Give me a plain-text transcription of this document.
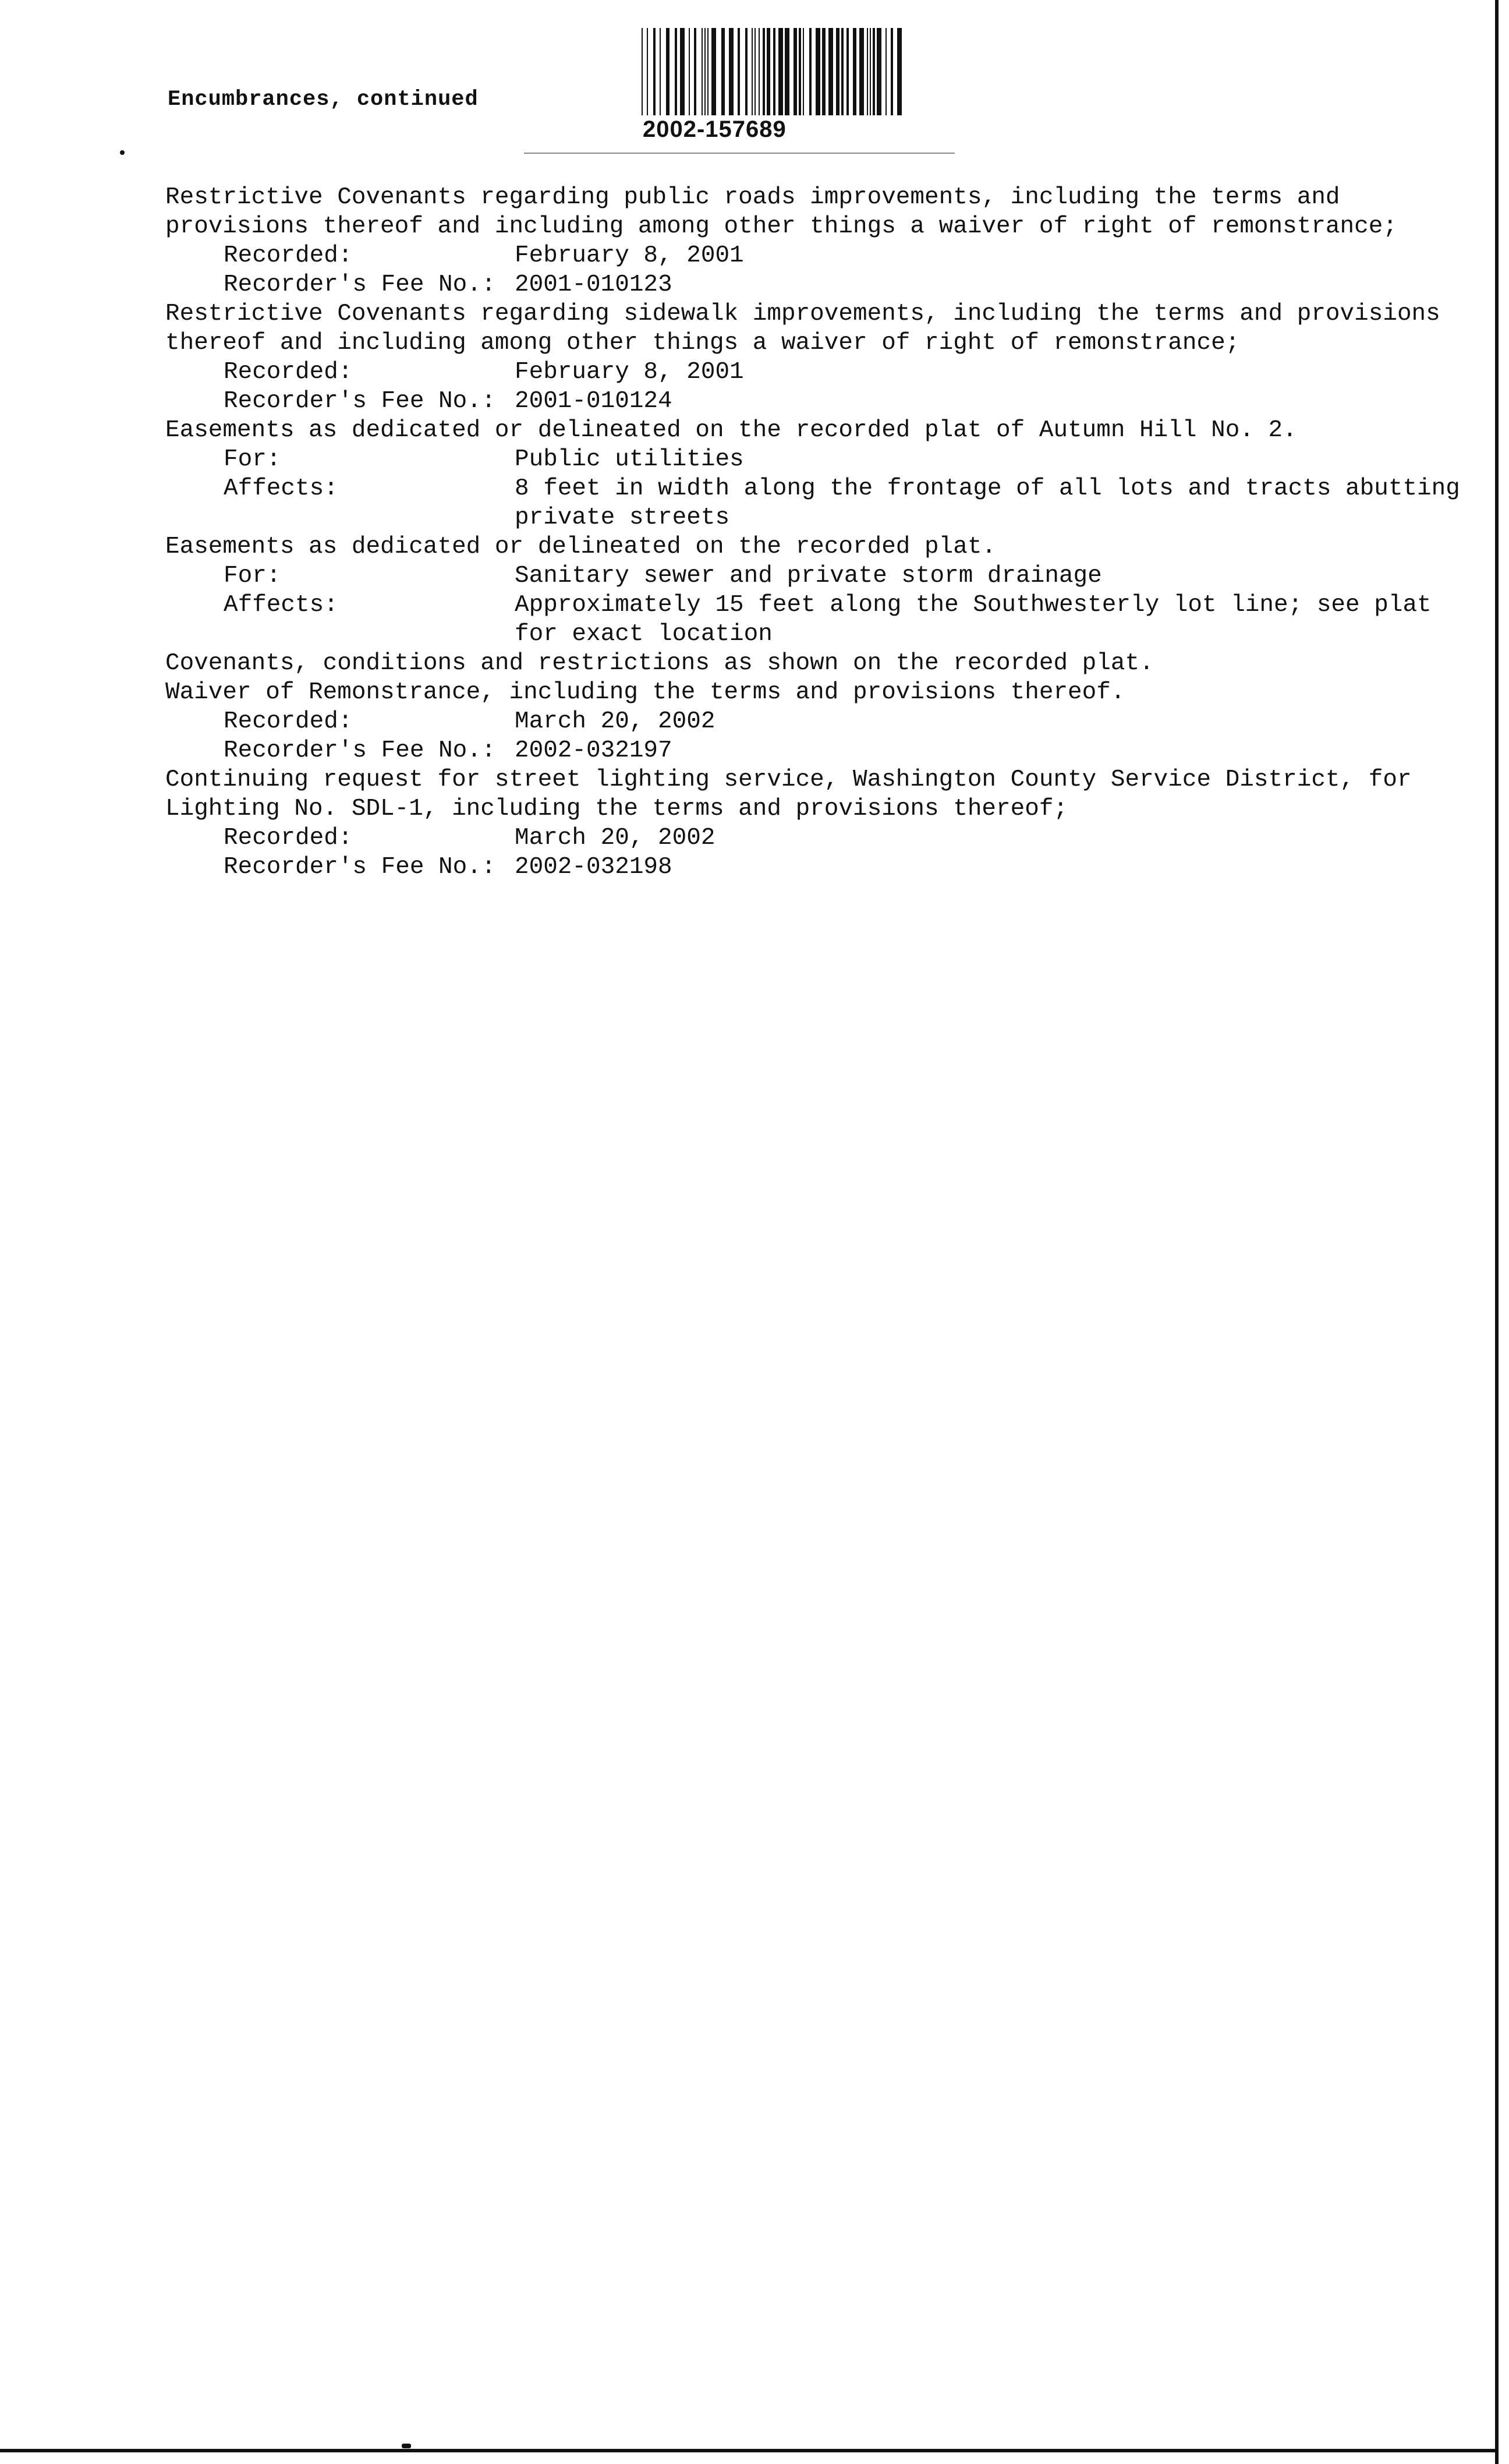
Encumbrances, continued
2002-157689

Restrictive Covenants regarding public roads improvements, including the terms and provisions thereof and including among other things a waiver of right of remonstrance;

Recorded:	February 8, 2001
Recorder's Fee No.: 2001-010123

Restrictive Covenants regarding sidewalk improvements, including the terms and provisions thereof and including among other things a waiver of right of remonstrance;

Recorded:	February 8, 2001
Recorder's Fee No.: 2001-010124

Easements as dedicated or delineated on the recorded plat of Autumn Hill No. 2.

For:	Public utilities
Affects:	8 feet in width along the frontage of all lots and tracts abutting private streets

Easements as dedicated or delineated on the recorded plat.

For:	Sanitary sewer and private storm drainage
Affects:	Approximately 15 feet along the Southwesterly lot line; see plat for exact location

Covenants, conditions and restrictions as shown on the recorded plat.

Waiver of Remonstrance, including the terms and provisions thereof.

Recorded:	March 20, 2002
Recorder's Fee No.: 2002-032197

Continuing request for street lighting service, Washington County Service District, for Lighting No. SDL-1, including the terms and provisions thereof;

Recorded:	March 20, 2002
Recorder's Fee No.: 2002-032198
